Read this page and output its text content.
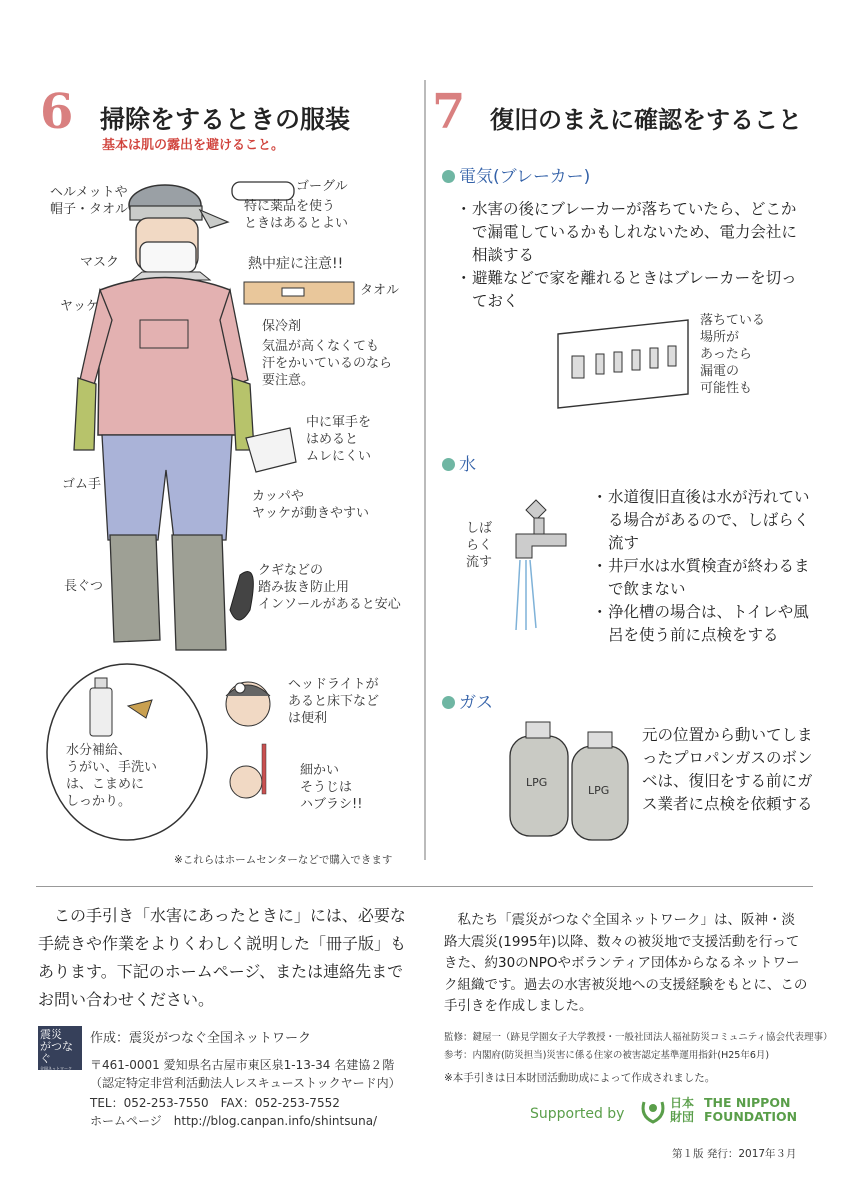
6 掃除をするときの服装
基本は肌の露出を避けること。
ヘルメットや
帽子・タオル
ゴーグル
特に薬品を使う
ときはあるとよい
マスク	熱中症に注意!!
タオル
ヤッケ
保冷剤
気温が高くなくても
汗をかいているのなら
要注意。
中に軍手を
はめると
ムレにくい
ゴム手
カッパや
ヤッケが動きやすい
クギなどの
踏み抜き防止用
インソールがあると安心
長ぐつ
水分補給、
うがい、手洗い
は、こまめに
しっかり。
ヘッドライトが
あると床下など
は便利
細かい
そうじは
ハブラシ!!
※これらはホームセンターなどで購入できます
7 復旧のまえに確認をすること
電気(ブレーカー)
・ 水害の後にブレーカーが落ちていたら、どこかで漏電しているかもしれないため、電力会社に相談する
・ 避難などで家を離れるときはブレーカーを切っておく
落ちている
場所が
あったら
漏電の
可能性も
水
しばらく
流す
・ 水道復旧直後は水が汚れている場合があるので、しばらく流す
・ 井戸水は水質検査が終わるまで飲まない
・ 浄化槽の場合は、トイレや風呂を使う前に点検をする
ガス
LPG
LPG
元の位置から動いてしまったプロパンガスのボンベは、復旧をする前にガス業者に点検を依頼する
この手引き「水害にあったときに」には、必要な手続きや作業をよりくわしく説明した「冊子版」もあります。下記のホームページ、または連絡先までお問い合わせください。
震災
がつなぐ
全国ネットワーク
作成：震災がつなぐ全国ネットワーク
〒461-0001 愛知県名古屋市東区泉1-13-34 名建協２階
（認定特定非営利活動法人レスキューストックヤード内）
TEL：052-253-7550　FAX：052-253-7552
ホームページ　http://blog.canpan.info/shintsuna/
私たち「震災がつなぐ全国ネットワーク」は、阪神・淡路大震災(1995年)以降、数々の被災地で支援活動を行ってきた、約30のNPOやボランティア団体からなるネットワーク組織です。過去の水害被災地への支援経験をもとに、この手引きを作成しました。
監修：鍵屋一（跡見学園女子大学教授・一般社団法人福祉防災コミュニティ協会代表理事）
参考：内閣府(防災担当)災害に係る住家の被害認定基準運用指針(H25年6月)
※本手引きは日本財団活動助成によって作成されました。
Supported by
日本
財団
THE NIPPON
FOUNDATION
第１版 発行：2017年３月
